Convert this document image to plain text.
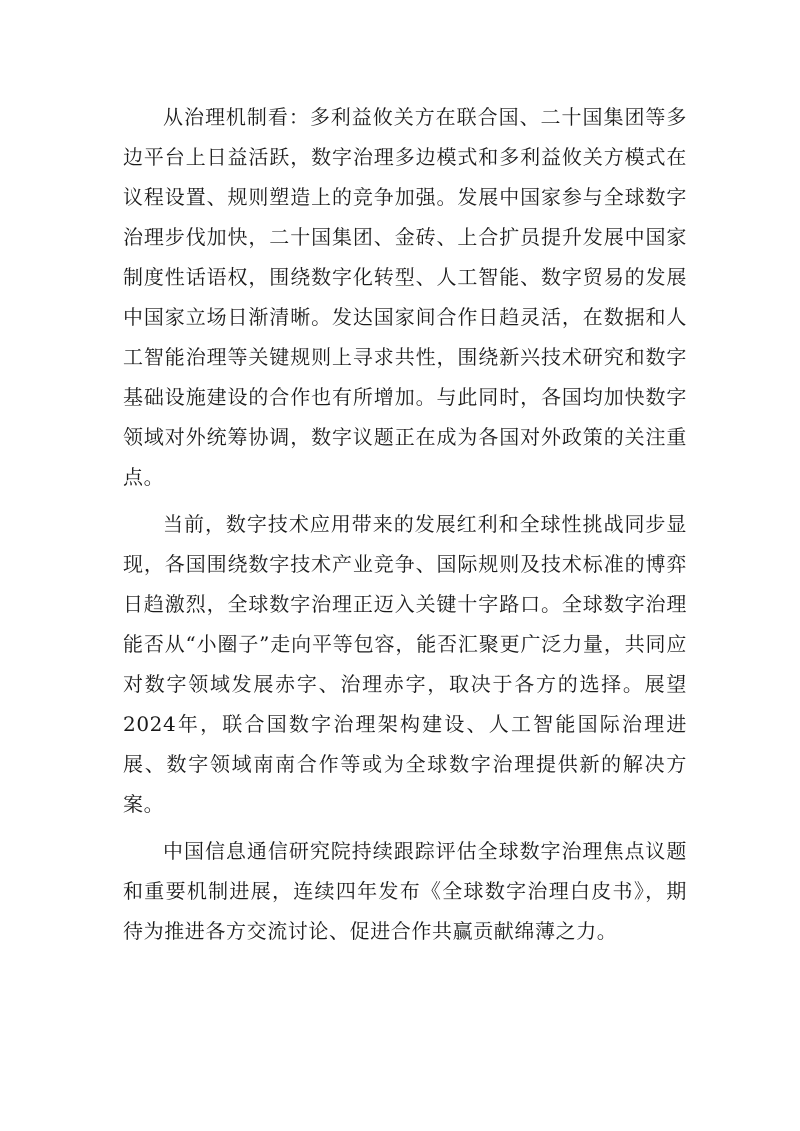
从治理机制看：多利益攸关方在联合国、二十国集团等多边平台上日益活跃，数字治理多边模式和多利益攸关方模式在议程设置、规则塑造上的竞争加强。发展中国家参与全球数字治理步伐加快，二十国集团、金砖、上合扩员提升发展中国家制度性话语权，围绕数字化转型、人工智能、数字贸易的发展中国家立场日渐清晰。发达国家间合作日趋灵活，在数据和人工智能治理等关键规则上寻求共性，围绕新兴技术研究和数字基础设施建设的合作也有所增加。与此同时，各国均加快数字领域对外统筹协调，数字议题正在成为各国对外政策的关注重点。

当前，数字技术应用带来的发展红利和全球性挑战同步显现，各国围绕数字技术产业竞争、国际规则及技术标准的博弈日趋激烈，全球数字治理正迈入关键十字路口。全球数字治理能否从“小圈子”走向平等包容，能否汇聚更广泛力量，共同应对数字领域发展赤字、治理赤字，取决于各方的选择。展望2024年，联合国数字治理架构建设、人工智能国际治理进展、数字领域南南合作等或为全球数字治理提供新的解决方案。

中国信息通信研究院持续跟踪评估全球数字治理焦点议题和重要机制进展，连续四年发布《全球数字治理白皮书》，期待为推进各方交流讨论、促进合作共赢贡献绵薄之力。
